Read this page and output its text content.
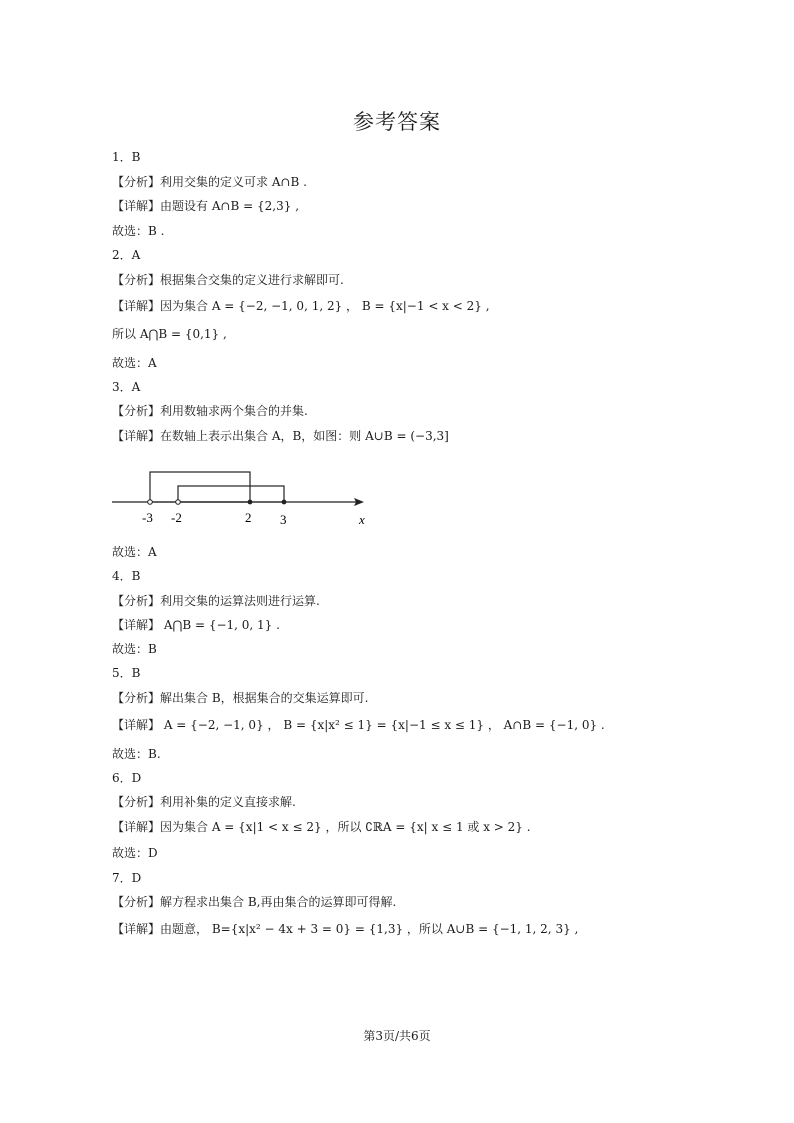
参考答案
1．B
【分析】利用交集的定义可求 A∩B .
【详解】由题设有 A∩B = {2,3} ,
故选：B .
2．A
【分析】根据集合交集的定义进行求解即可.
【详解】因为集合 A = {−2, −1, 0, 1, 2} ， B = {x|−1 < x < 2} ,
所以 A⋂B = {0,1} ,
故选：A
3．A
【分析】利用数轴求两个集合的并集.
【详解】在数轴上表示出集合 A，B，如图：则 A∪B = (−3,3]
-3 -2	2 3	x
故选：A
4．B
【分析】利用交集的运算法则进行运算.
【详解】 A⋂B = {−1, 0, 1} .
故选：B
5．B
【分析】解出集合 B，根据集合的交集运算即可.
【详解】 A = {−2, −1, 0} ， B = {x|x² ≤ 1} = {x|−1 ≤ x ≤ 1} ， A∩B = {−1, 0} .
故选：B.
6．D
【分析】利用补集的定义直接求解.
【详解】因为集合 A = {x|1 < x ≤ 2} ，所以 ∁ℝA = {x| x ≤ 1 或 x > 2} .
故选：D
7．D
【分析】解方程求出集合 B,再由集合的运算即可得解.
【详解】由题意， B={x|x² − 4x + 3 = 0} = {1,3} ，所以 A∪B = {−1, 1, 2, 3} ,
第3页/共6页
